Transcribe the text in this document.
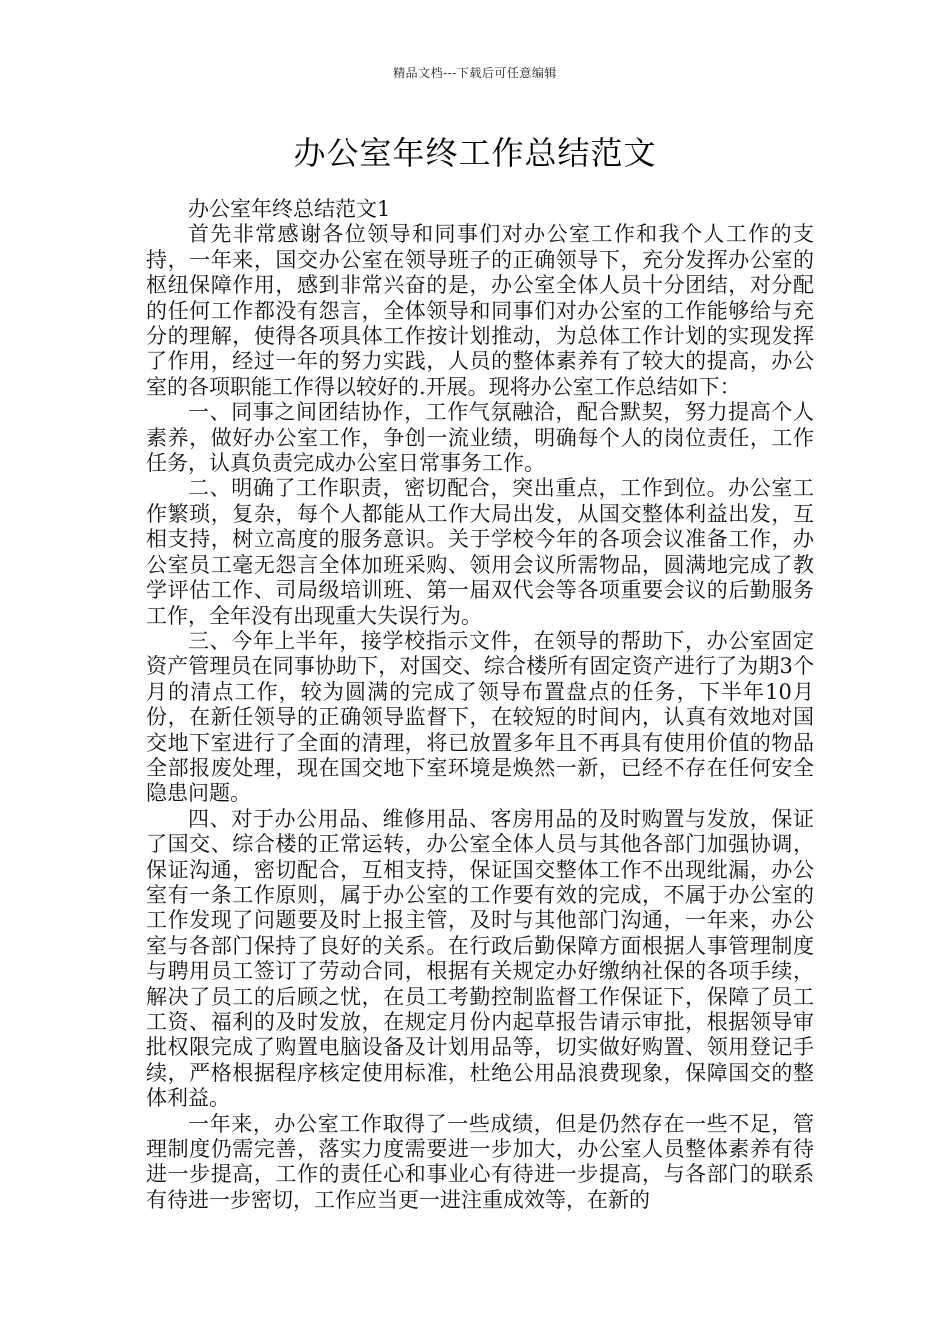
精品文档---下载后可任意编辑
办公室年终工作总结范文

办公室年终总结范文1

首先非常感谢各位领导和同事们对办公室工作和我个人工作的支持，一年来，国交办公室在领导班子的正确领导下，充分发挥办公室的枢纽保障作用，感到非常兴奋的是，办公室全体人员十分团结，对分配的任何工作都没有怨言，全体领导和同事们对办公室的工作能够给与充分的理解，使得各项具体工作按计划推动，为总体工作计划的实现发挥了作用，经过一年的努力实践，人员的整体素养有了较大的提高，办公室的各项职能工作得以较好的.开展。现将办公室工作总结如下：

一、同事之间团结协作，工作气氛融洽，配合默契，努力提高个人素养，做好办公室工作，争创一流业绩，明确每个人的岗位责任，工作任务，认真负责完成办公室日常事务工作。

二、明确了工作职责，密切配合，突出重点，工作到位。办公室工作繁琐，复杂，每个人都能从工作大局出发，从国交整体利益出发，互相支持，树立高度的服务意识。关于学校今年的各项会议准备工作，办公室员工毫无怨言全体加班采购、领用会议所需物品，圆满地完成了教学评估工作、司局级培训班、第一届双代会等各项重要会议的后勤服务工作，全年没有出现重大失误行为。

三、今年上半年，接学校指示文件，在领导的帮助下，办公室固定资产管理员在同事协助下，对国交、综合楼所有固定资产进行了为期3个月的清点工作，较为圆满的完成了领导布置盘点的任务，下半年10月份，在新任领导的正确领导监督下，在较短的时间内，认真有效地对国交地下室进行了全面的清理，将已放置多年且不再具有使用价值的物品全部报废处理，现在国交地下室环境是焕然一新，已经不存在任何安全隐患问题。

四、对于办公用品、维修用品、客房用品的及时购置与发放，保证了国交、综合楼的正常运转，办公室全体人员与其他各部门加强协调，保证沟通，密切配合，互相支持，保证国交整体工作不出现纰漏，办公室有一条工作原则，属于办公室的工作要有效的完成，不属于办公室的工作发现了问题要及时上报主管，及时与其他部门沟通，一年来，办公室与各部门保持了良好的关系。在行政后勤保障方面根据人事管理制度与聘用员工签订了劳动合同，根据有关规定办好缴纳社保的各项手续，解决了员工的后顾之忧，在员工考勤控制监督工作保证下，保障了员工工资、福利的及时发放，在规定月份内起草报告请示审批，根据领导审批权限完成了购置电脑设备及计划用品等，切实做好购置、领用登记手续，严格根据程序核定使用标准，杜绝公用品浪费现象，保障国交的整体利益。

一年来，办公室工作取得了一些成绩，但是仍然存在一些不足，管理制度仍需完善，落实力度需要进一步加大，办公室人员整体素养有待进一步提高，工作的责任心和事业心有待进一步提高，与各部门的联系有待进一步密切，工作应当更一进注重成效等，在新的
